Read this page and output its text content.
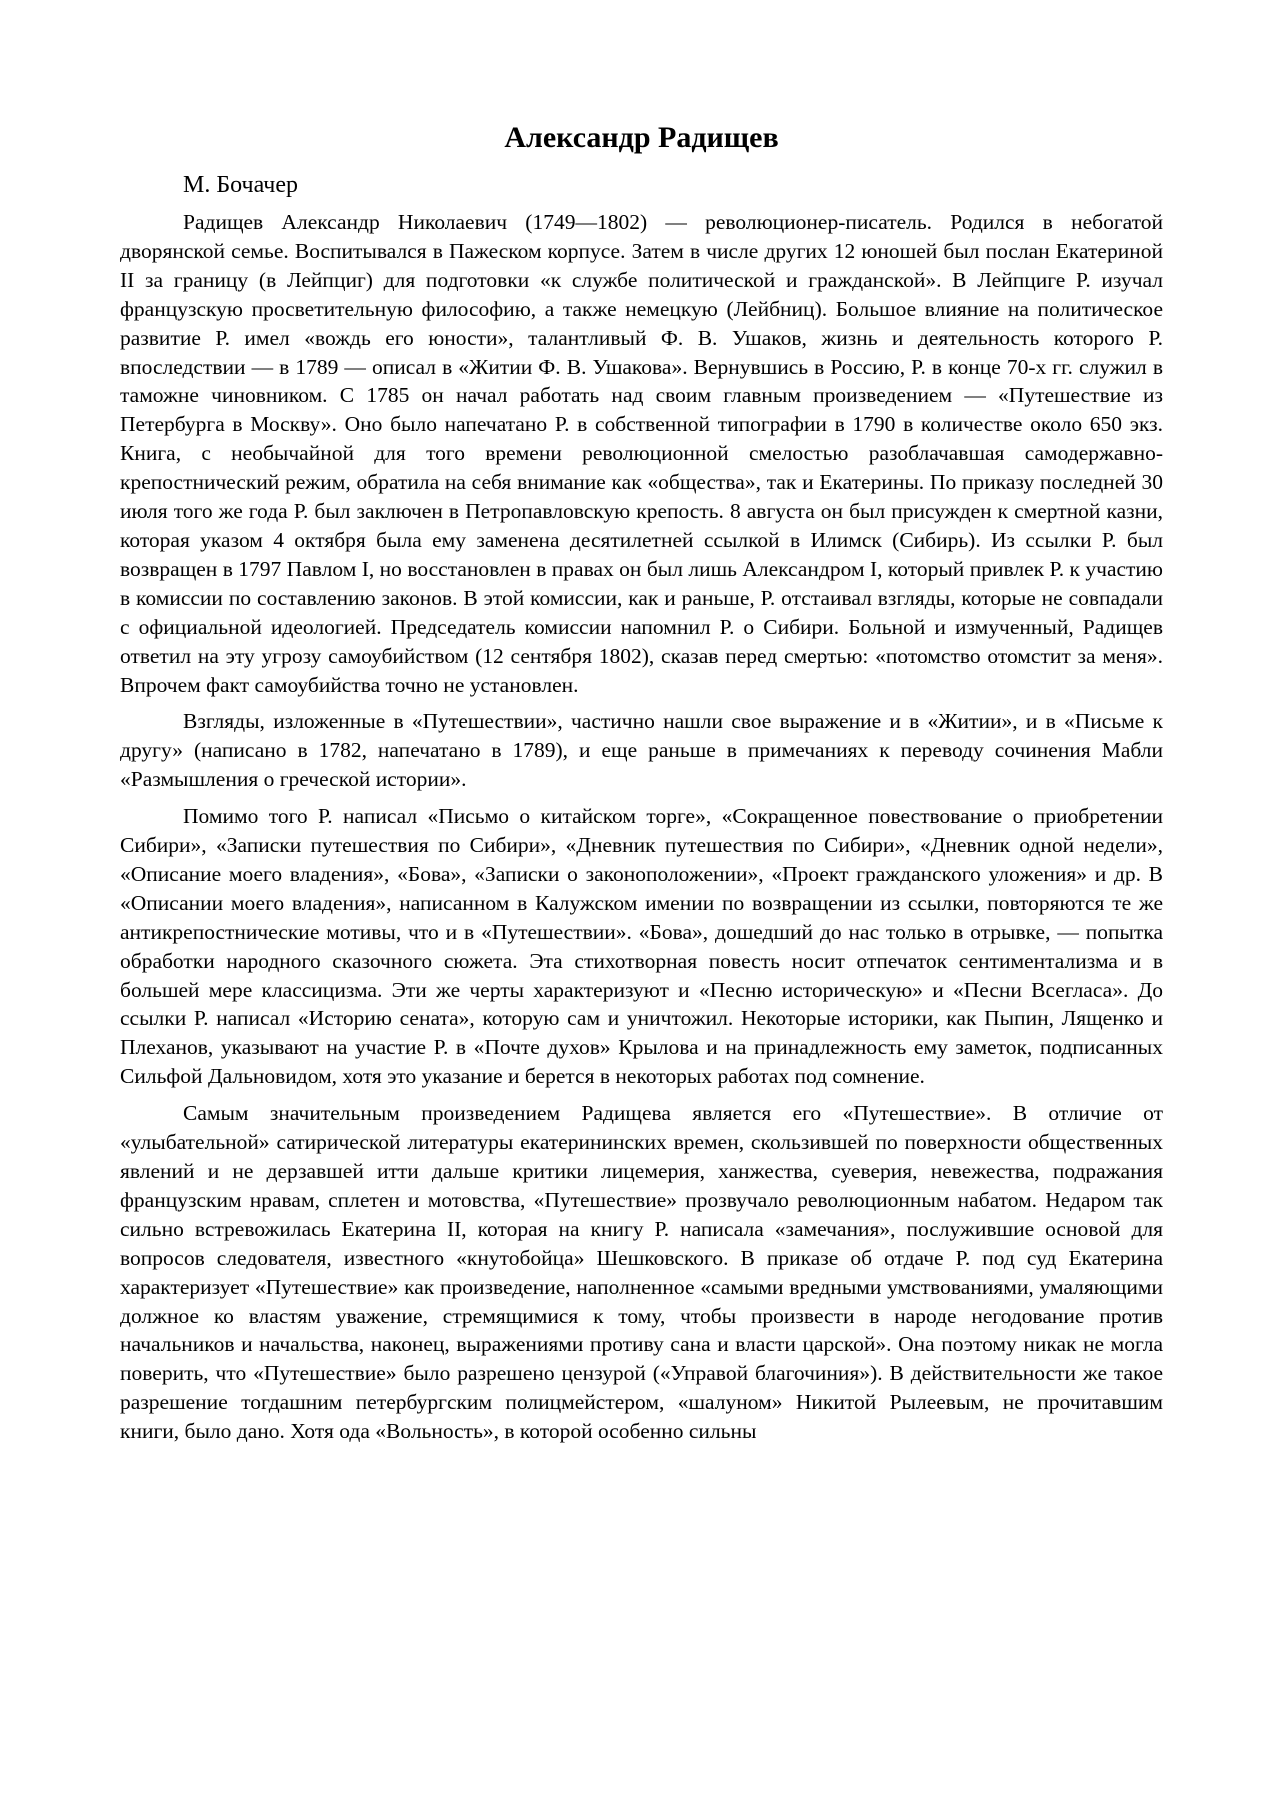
Александр Радищев
М. Бочачер

Радищев Александр Николаевич (1749—1802) — революционер-писатель. Родился в небогатой дворянской семье. Воспитывался в Пажеском корпусе. Затем в числе других 12 юношей был послан Екатериной II за границу (в Лейпциг) для подготовки «к службе политической и гражданской». В Лейпциге Р. изучал французскую просветительную философию, а также немецкую (Лейбниц). Большое влияние на политическое развитие Р. имел «вождь его юности», талантливый Ф. В. Ушаков, жизнь и деятельность которого Р. впоследствии — в 1789 — описал в «Житии Ф. В. Ушакова». Вернувшись в Россию, Р. в конце 70-х гг. служил в таможне чиновником. С 1785 он начал работать над своим главным произведением — «Путешествие из Петербурга в Москву». Оно было напечатано Р. в собственной типографии в 1790 в количестве около 650 экз. Книга, с необычайной для того времени революционной смелостью разоблачавшая самодержавно-крепостнический режим, обратила на себя внимание как «общества», так и Екатерины. По приказу последней 30 июля того же года Р. был заключен в Петропавловскую крепость. 8 августа он был присужден к смертной казни, которая указом 4 октября была ему заменена десятилетней ссылкой в Илимск (Сибирь). Из ссылки Р. был возвращен в 1797 Павлом I, но восстановлен в правах он был лишь Александром I, который привлек Р. к участию в комиссии по составлению законов. В этой комиссии, как и раньше, Р. отстаивал взгляды, которые не совпадали с официальной идеологией. Председатель комиссии напомнил Р. о Сибири. Больной и измученный, Радищев ответил на эту угрозу самоубийством (12 сентября 1802), сказав перед смертью: «потомство отомстит за меня». Впрочем факт самоубийства точно не установлен.

Взгляды, изложенные в «Путешествии», частично нашли свое выражение и в «Житии», и в «Письме к другу» (написано в 1782, напечатано в 1789), и еще раньше в примечаниях к переводу сочинения Мабли «Размышления о греческой истории».

Помимо того Р. написал «Письмо о китайском торге», «Сокращенное повествование о приобретении Сибири», «Записки путешествия по Сибири», «Дневник путешествия по Сибири», «Дневник одной недели», «Описание моего владения», «Бова», «Записки о законоположении», «Проект гражданского уложения» и др. В «Описании моего владения», написанном в Калужском имении по возвращении из ссылки, повторяются те же антикрепостнические мотивы, что и в «Путешествии». «Бова», дошедший до нас только в отрывке, — попытка обработки народного сказочного сюжета. Эта стихотворная повесть носит отпечаток сентиментализма и в большей мере классицизма. Эти же черты характеризуют и «Песню историческую» и «Песни Всегласа». До ссылки Р. написал «Историю сената», которую сам и уничтожил. Некоторые историки, как Пыпин, Лященко и Плеханов, указывают на участие Р. в «Почте духов» Крылова и на принадлежность ему заметок, подписанных Сильфой Дальновидом, хотя это указание и берется в некоторых работах под сомнение.

Самым значительным произведением Радищева является его «Путешествие». В отличие от «улыбательной» сатирической литературы екатерининских времен, скользившей по поверхности общественных явлений и не дерзавшей итти дальше критики лицемерия, ханжества, суеверия, невежества, подражания французским нравам, сплетен и мотовства, «Путешествие» прозвучало революционным набатом. Недаром так сильно встревожилась Екатерина II, которая на книгу Р. написала «замечания», послужившие основой для вопросов следователя, известного «кнутобойца» Шешковского. В приказе об отдаче Р. под суд Екатерина характеризует «Путешествие» как произведение, наполненное «самыми вредными умствованиями, умаляющими должное ко властям уважение, стремящимися к тому, чтобы произвести в народе негодование против начальников и начальства, наконец, выражениями противу сана и власти царской». Она поэтому никак не могла поверить, что «Путешествие» было разрешено цензурой («Управой благочиния»). В действительности же такое разрешение тогдашним петербургским полицмейстером, «шалуном» Никитой Рылеевым, не прочитавшим книги, было дано. Хотя ода «Вольность», в которой особенно сильны
